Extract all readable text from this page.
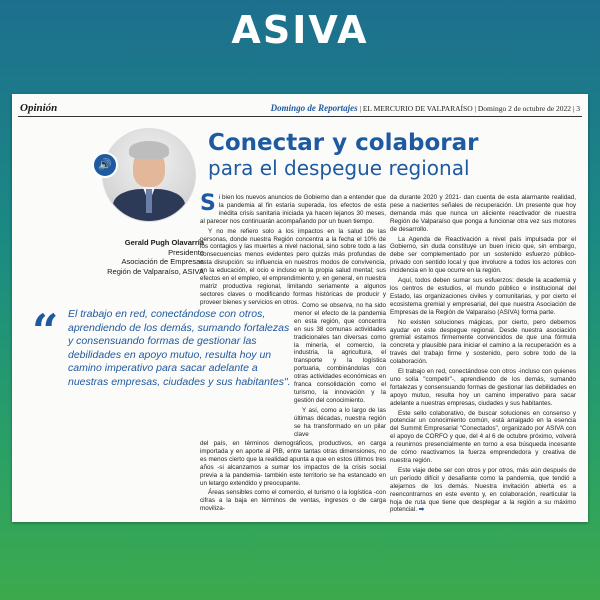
ASIVA
Opinión	Domingo de Reportajes | EL MERCURIO DE VALPARAÍSO | Domingo 2 de octubre de 2022 | 3
🔊
Conectar y colaborar
para el despegue regional
Gerald Pugh Olavarría
Presidente
Asociación de Empresas
Región de Valparaíso, ASIVA
“ El trabajo en red, conectándose con otros, aprendiendo de los demás, sumando fortalezas y consensuando formas de gestionar las debilidades en apoyo mutuo, resulta hoy un camino imperativo para sacar adelante a nuestras empresas, ciudades y sus habitantes".

Si bien los nuevos anuncios de Gobierno dan a entender que la pandemia al fin estaría superada, los efectos de esta inédita crisis sanitaria iniciada ya hacen lejanos 30 meses, al parecer nos continuarán acompañando por un buen tiempo.

Y no me refiero solo a los impactos en la salud de las personas, donde nuestra Región concentra a la fecha el 10% de los contagios y las muertes a nivel nacional, sino sobre todo a las consecuencias menos evidentes pero quizás más profundas de esta disrupción: su influencia en nuestros modos de convivencia, en la educación, el ocio e incluso en la propia salud mental; sus efectos en el empleo, el emprendimiento y, en general, en nuestra matriz productiva regional, limitando seriamente a algunos sectores claves o modificando formas históricas de producir y proveer bienes y servicios en otros. Como se observa, no ha sido menor el efecto de la pandemia en esta región, que concentra en sus 38 comunas actividades tradicionales tan diversas como la minería, el comercio, la industria, la agricultura, el transporte y la logística portuaria, combinándolas con otras actividades económicas en franca consolidación como el turismo, la innovación y la gestión del conocimiento.

Y así, como a lo largo de las últimas décadas, nuestra región se ha transformado en un pilar clave

del país, en términos demográficos, productivos, en carga importada y en aporte al PIB, entre tantas otras dimensiones, no es menos cierto que la realidad apunta a que en estos últimos tres años -si alcanzamos a sumar los impactos de la crisis social previa a la pandemia- también este territorio se ha estancado en un letargo extendido y preocupante.

Áreas sensibles como el comercio, el turismo o la logística -con cifras a la baja en términos de ventas, ingresos o de carga moviliza-

da durante 2020 y 2021- dan cuenta de esta alarmante realidad, pese a nacientes señales de recuperación. Un presente que hoy demanda más que nunca un aliciente reactivador de nuestra Región de Valparaíso que ponga a funcionar otra vez sus motores de desarrollo.

La Agenda de Reactivación a nivel país impulsada por el Gobierno, sin duda constituye un buen inicio que, sin embargo, debe ser complementado por un sostenido esfuerzo público-privado con sentido local y que involucre a todos los actores con incidencia en lo que ocurre en la región.

Aquí, todos deben sumar sus esfuerzos: desde la academia y los centros de estudios, el mundo público e institucional del Estado, las organizaciones civiles y comunitarias, y por cierto el ecosistema gremial y empresarial, del que nuestra Asociación de Empresas de la Región de Valparaíso (ASIVA) forma parte.

No existen soluciones mágicas, por cierto, pero debemos ayudar en este despegue regional. Desde nuestra asociación gremial estamos firmemente convencidos de que una fórmula concreta y plausible para iniciar el camino a la recuperación es a través del trabajo firme y sostenido, pero sobre todo de la colaboración.

El trabajo en red, conectándose con otros -incluso con quienes uno solía "competir"-, aprendiendo de los demás, sumando fortalezas y consensuando formas de gestionar las debilidades en apoyo mutuo, resulta hoy un camino imperativo para sacar adelante a nuestras empresas, ciudades y sus habitantes.

Este sello colaborativo, de buscar soluciones en consenso y potenciar un conocimiento común, está arraigado en la esencia del Summit Empresarial "Conectados", organizado por ASIVA con el apoyo de CORFO y que, del 4 al 6 de octubre próximo, volverá a reunirnos presencialmente en torno a esa búsqueda incesante de cómo reactivamos la fuerza emprendedora y creativa de nuestra región.

Este viaje debe ser con otros y por otros, más aún después de un período difícil y desafiante como la pandemia, que tendió a alejarnos de los demás. Nuestra invitación abierta es a reencontrarnos en este evento y, en colaboración, rearticular la hoja de ruta que tiene que desplegar a la región a su máximo potencial. ➡
